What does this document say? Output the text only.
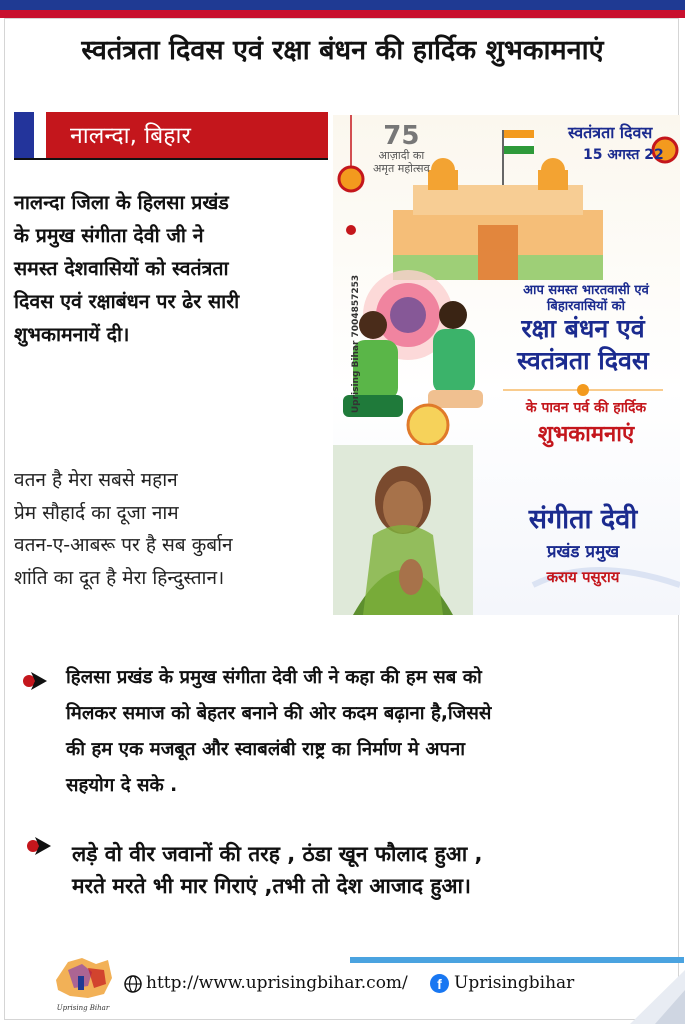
स्वतंत्रता दिवस एवं रक्षा बंधन की हार्दिक शुभकामनाएं
नालन्दा, बिहार
नालन्दा जिला के हिलसा प्रखंड
के प्रमुख संगीता देवी जी ने
समस्त देशवासियों को स्वतंत्रता
दिवस एवं रक्षाबंधन पर ढेर सारी
शुभकामनायें दी।
वतन है मेरा सबसे महान
प्रेम सौहार्द का दूजा नाम
वतन-ए-आबरू पर है सब कुर्बान
शांति का दूत है मेरा हिन्दुस्तान।
75
आज़ादी का
अमृत महोत्सव
स्वतंत्रता दिवस
15 अगस्त 22
आप समस्त भारतवासी एवं
बिहारवासियों को
रक्षा बंधन एवं
स्वतंत्रता दिवस
के पावन पर्व की हार्दिक
शुभकामनाएं
संगीता देवी
प्रखंड प्रमुख
कराय पसुराय
Uprising Bihar 7004857253
हिलसा प्रखंड के प्रमुख संगीता देवी जी ने कहा की हम सब को
मिलकर समाज को बेहतर बनाने की ओर कदम बढ़ाना है,जिससे
की हम एक मजबूत और स्वाबलंबी राष्ट्र का निर्माण मे अपना
सहयोग दे सके .
लड़े वो वीर जवानों की तरह , ठंडा खून फौलाद हुआ ,
मरते मरते भी मार गिराएं ,तभी तो देश आजाद हुआ।
Uprising Bihar
http://www.uprisingbihar.com/	f Uprisingbihar
